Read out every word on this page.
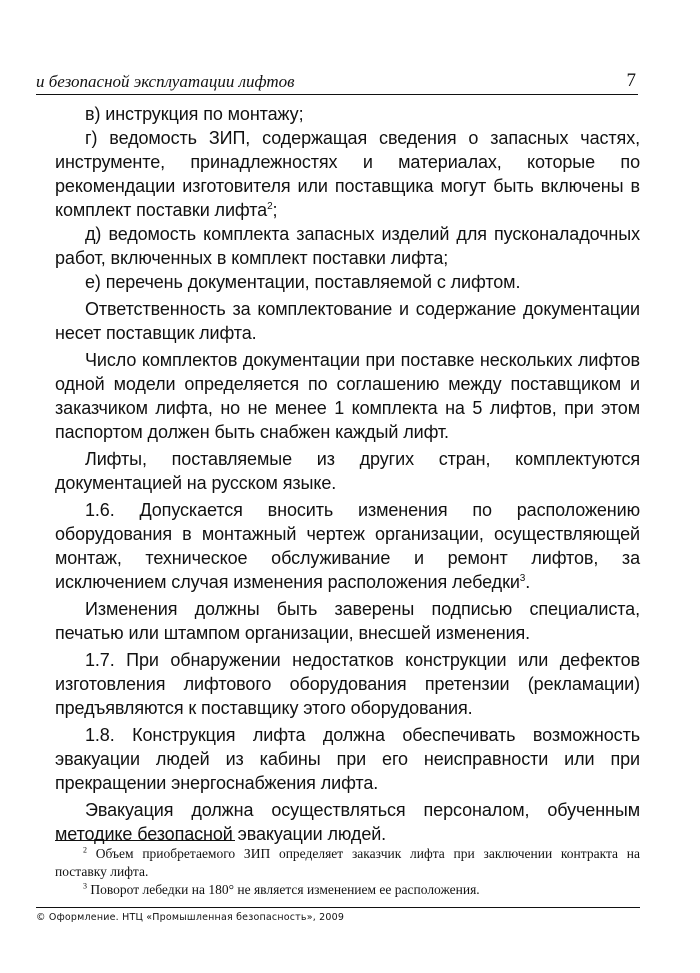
и безопасной эксплуатации лифтов	7

в) инструкция по монтажу;

г) ведомость ЗИП, содержащая сведения о запасных частях, инструменте, принадлежностях и материалах, которые по рекомендации изготовителя или поставщика могут быть включены в комплект поставки лифта$^2$;

д) ведомость комплекта запасных изделий для пусконаладочных работ, включенных в комплект поставки лифта;

е) перечень документации, поставляемой с лифтом.

Ответственность за комплектование и содержание документации несет поставщик лифта.

Число комплектов документации при поставке нескольких лифтов одной модели определяется по соглашению между поставщиком и заказчиком лифта, но не менее 1 комплекта на 5 лифтов, при этом паспортом должен быть снабжен каждый лифт.

Лифты, поставляемые из других стран, комплектуются документацией на русском языке.

1.6. Допускается вносить изменения по расположению оборудования в монтажный чертеж организации, осуществляющей монтаж, техническое обслуживание и ремонт лифтов, за исключением случая изменения расположения лебедки$^3$.

Изменения должны быть заверены подписью специалиста, печатью или штампом организации, внесшей изменения.

1.7. При обнаружении недостатков конструкции или дефектов изготовления лифтового оборудования претензии (рекламации) предъявляются к поставщику этого оборудования.

1.8. Конструкция лифта должна обеспечивать возможность эвакуации людей из кабины при его неисправности или при прекращении энергоснабжения лифта.

Эвакуация должна осуществляться персоналом, обученным методике безопасной эвакуации людей.

$^2$ Объем приобретаемого ЗИП определяет заказчик лифта при заключении контракта на поставку лифта.

$^3$ Поворот лебедки на 180° не является изменением ее расположения.

© Оформление. НТЦ «Промышленная безопасность», 2009
